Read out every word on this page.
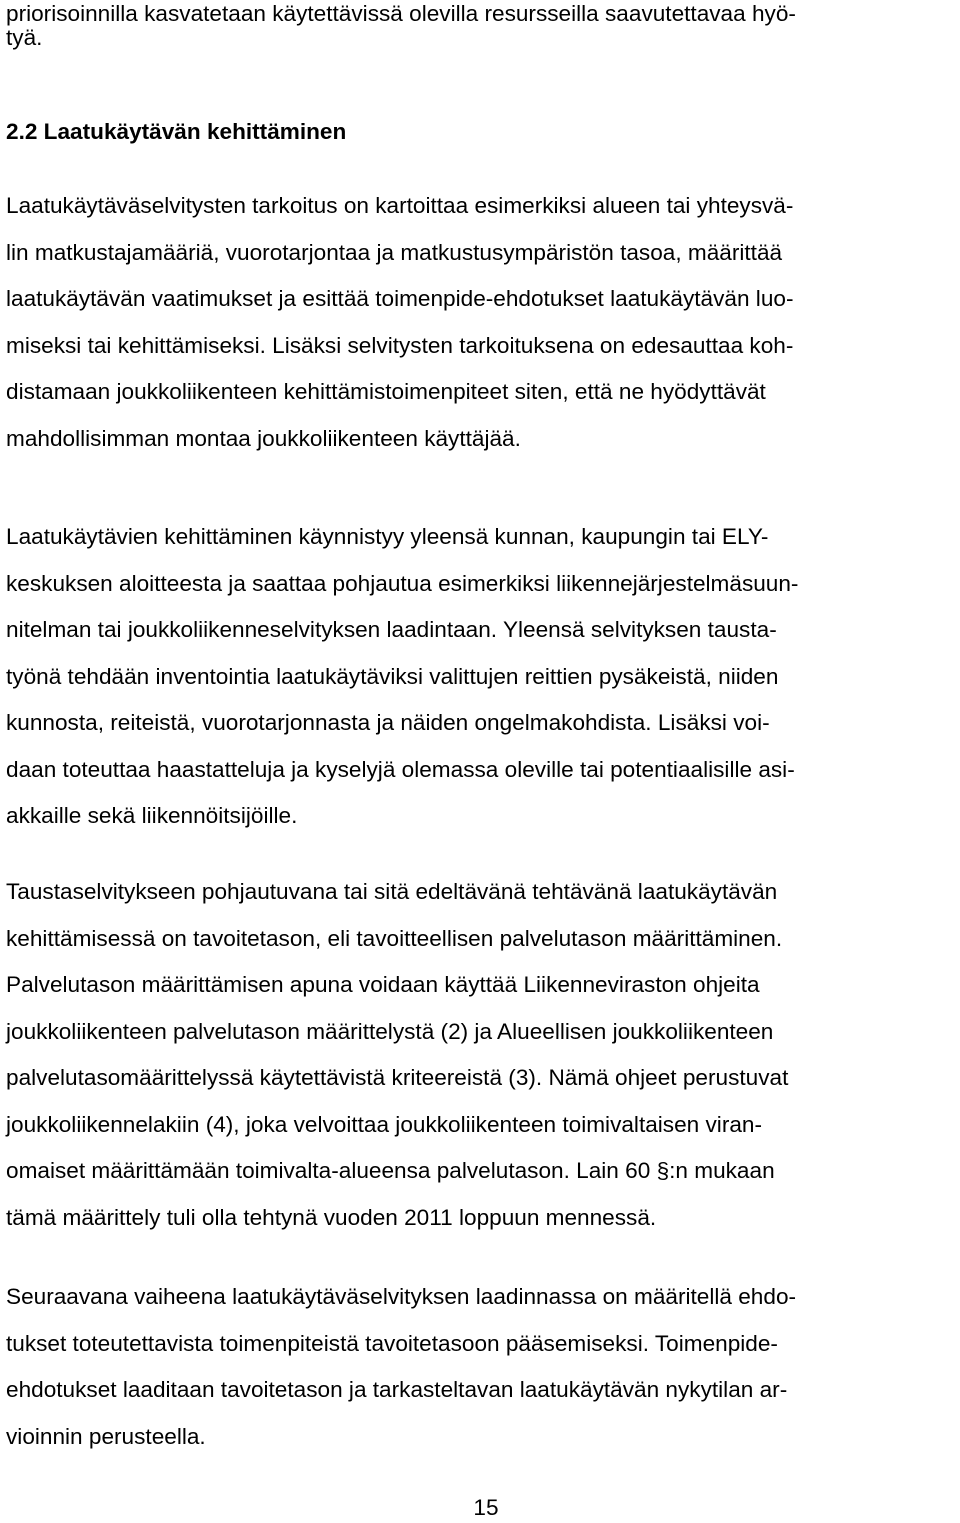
priorisoinnilla kasvatetaan käytettävissä olevilla resursseilla saavutettavaa hyö-

tyä.

2.2 Laatukäytävän kehittäminen

Laatukäytäväselvitysten tarkoitus on kartoittaa esimerkiksi alueen tai yhteysvä-

lin matkustajamääriä, vuorotarjontaa ja matkustusympäristön tasoa, määrittää

laatukäytävän vaatimukset ja esittää toimenpide-ehdotukset laatukäytävän luo-

miseksi tai kehittämiseksi. Lisäksi selvitysten tarkoituksena on edesauttaa koh-

distamaan joukkoliikenteen kehittämistoimenpiteet siten, että ne hyödyttävät

mahdollisimman montaa joukkoliikenteen käyttäjää.

Laatukäytävien kehittäminen käynnistyy yleensä kunnan, kaupungin tai ELY-

keskuksen aloitteesta ja saattaa pohjautua esimerkiksi liikennejärjestelmäsuun-

nitelman tai joukkoliikenneselvityksen laadintaan. Yleensä selvityksen tausta-

työnä tehdään inventointia laatukäytäviksi valittujen reittien pysäkeistä, niiden

kunnosta, reiteistä, vuorotarjonnasta ja näiden ongelmakohdista. Lisäksi voi-

daan toteuttaa haastatteluja ja kyselyjä olemassa oleville tai potentiaalisille asi-

akkaille sekä liikennöitsijöille.

Taustaselvitykseen pohjautuvana tai sitä edeltävänä tehtävänä laatukäytävän

kehittämisessä on tavoitetason, eli tavoitteellisen palvelutason määrittäminen.

Palvelutason määrittämisen apuna voidaan käyttää Liikenneviraston ohjeita

joukkoliikenteen palvelutason määrittelystä (2) ja Alueellisen joukkoliikenteen

palvelutasomäärittelyssä käytettävistä kriteereistä (3). Nämä ohjeet perustuvat

joukkoliikennelakiin (4), joka velvoittaa joukkoliikenteen toimivaltaisen viran-

omaiset määrittämään toimivalta-alueensa palvelutason. Lain 60 §:n mukaan

tämä määrittely tuli olla tehtynä vuoden 2011 loppuun mennessä.

Seuraavana vaiheena laatukäytäväselvityksen laadinnassa on määritellä ehdo-

tukset toteutettavista toimenpiteistä tavoitetasoon pääsemiseksi. Toimenpide-

ehdotukset laaditaan tavoitetason ja tarkasteltavan laatukäytävän nykytilan ar-

vioinnin perusteella.

15
